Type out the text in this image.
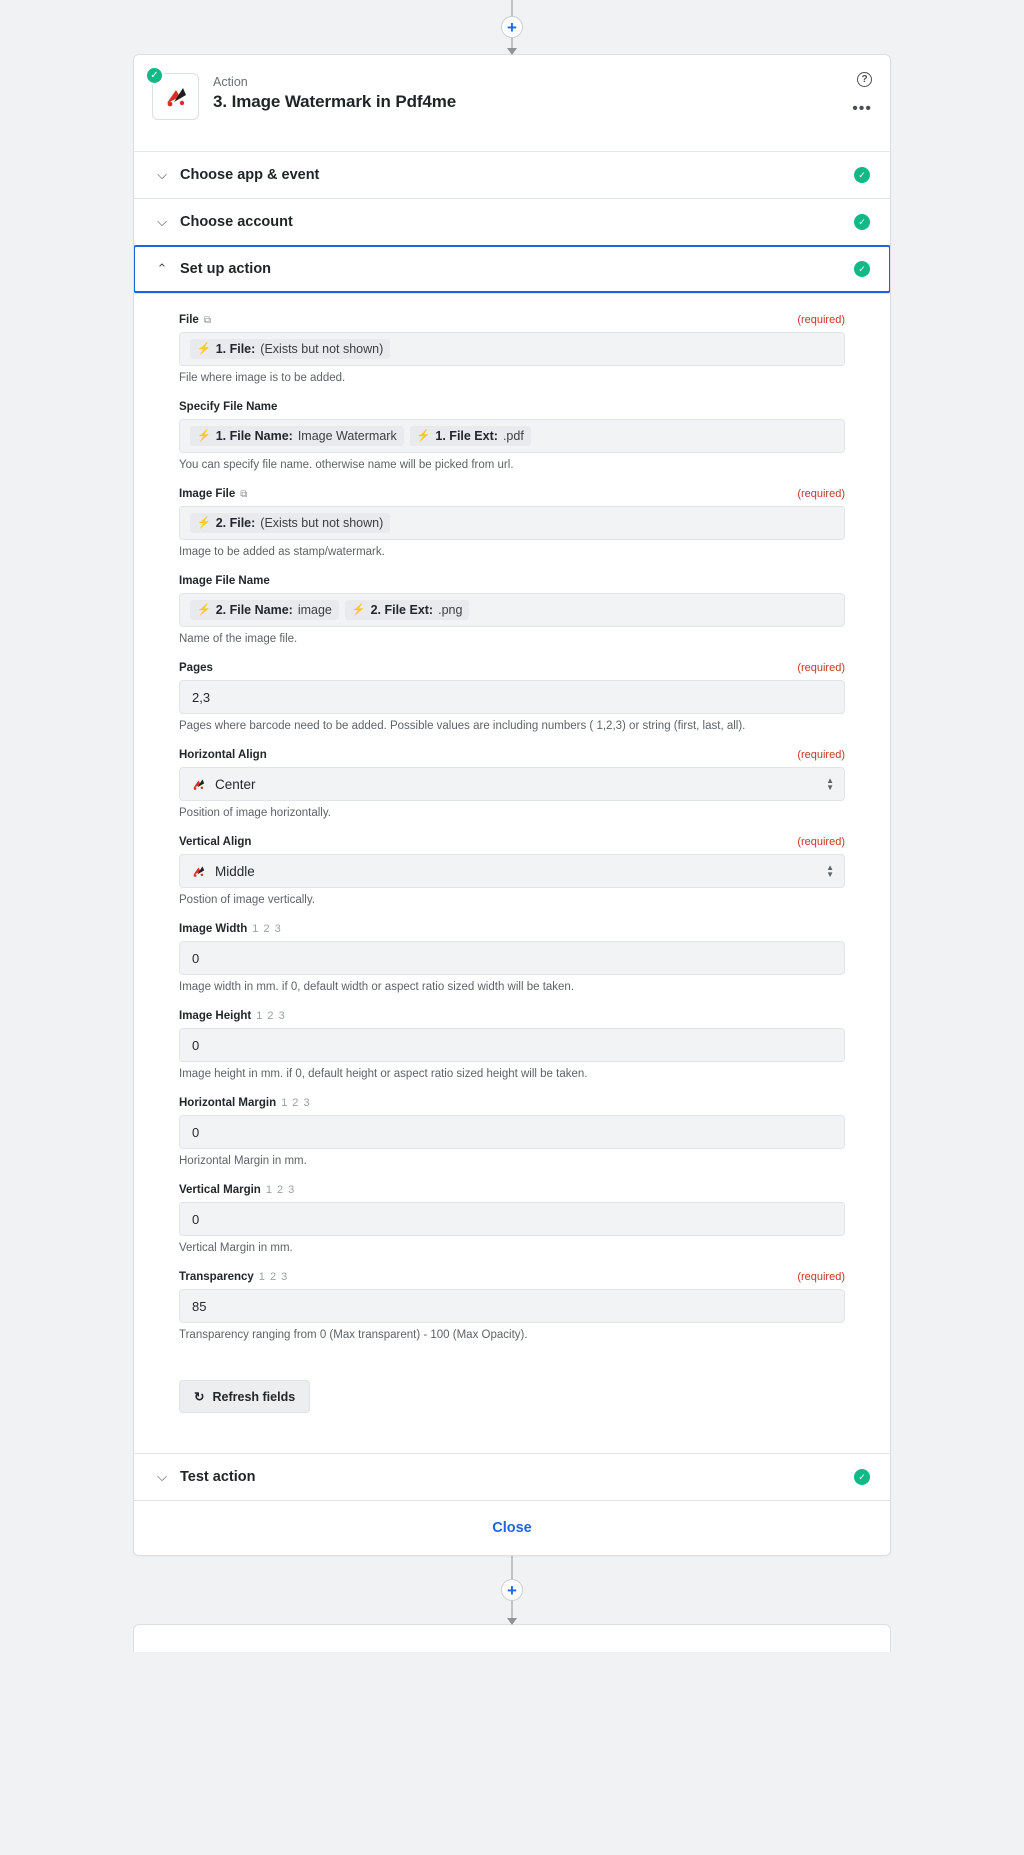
+
✓	Action
3. Image Watermark in Pdf4me
?
•••
⌵ Choose app & event	✓
⌵ Choose account	✓
⌃ Set up action	✓
File ⧉	(required)
⚡ 1. File: (Exists but not shown)
File where image is to be added.
Specify File Name
⚡ 1. File Name: Image Watermark ⚡ 1. File Ext: .pdf
You can specify file name. otherwise name will be picked from url.
Image File ⧉	(required)
⚡ 2. File: (Exists but not shown)
Image to be added as stamp/watermark.
Image File Name
⚡ 2. File Name: image ⚡ 2. File Ext: .png
Name of the image file.
Pages	(required)
2,3
Pages where barcode need to be added. Possible values are including numbers ( 1,2,3) or string (first, last, all).
Horizontal Align	(required)
Center	▲
▼
Position of image horizontally.
Vertical Align	(required)
Middle	▲
▼
Postion of image vertically.
Image Width 1 2 3
0
Image width in mm. if 0, default width or aspect ratio sized width will be taken.
Image Height 1 2 3
0
Image height in mm. if 0, default height or aspect ratio sized height will be taken.
Horizontal Margin 1 2 3
0
Horizontal Margin in mm.
Vertical Margin 1 2 3
0
Vertical Margin in mm.
Transparency 1 2 3	(required)
85
Transparency ranging from 0 (Max transparent) - 100 (Max Opacity).
↻ Refresh fields
⌵ Test action	✓
Close
+
